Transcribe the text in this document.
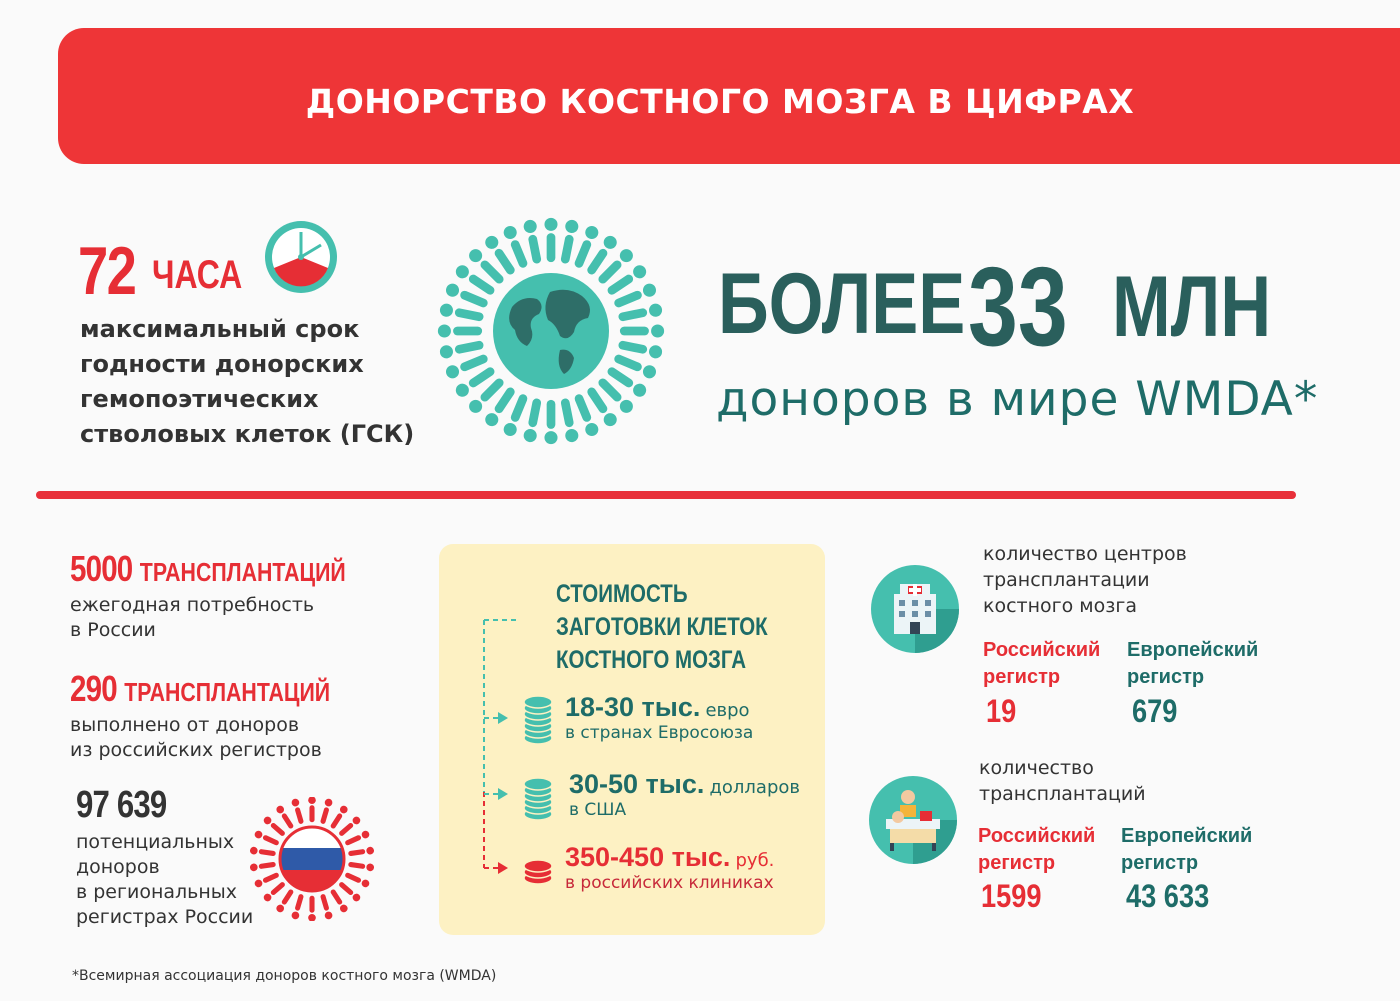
ДОНОРСТВО КОСТНОГО МОЗГА В ЦИФРАХ
72 ЧАСА
максимальный срок
годности донорских
гемопоэтических
стволовых клеток (ГСК)
БОЛЕЕ 33 МЛН
доноров в мире WMDA*
5000 ТРАНСПЛАНТАЦИЙ
ежегодная потребность
в России
290 ТРАНСПЛАНТАЦИЙ
выполнено от доноров
из российских регистров
97 639
потенциальных
доноров
в региональных
регистрах России
СТОИМОСТЬ
ЗАГОТОВКИ КЛЕТОК
КОСТНОГО МОЗГА
18-30 тыс. евро
в странах Евросоюза
30-50 тыс. долларов
в США
350-450 тыс. руб.
в российских клиниках
количество центров
трансплантации
костного мозга
Российский
регистр
Европейский
регистр
19	679
количество
трансплантаций
Российский
регистр
Европейский
регистр
1599	43 633
*Всемирная ассоциация доноров костного мозга (WMDA)
